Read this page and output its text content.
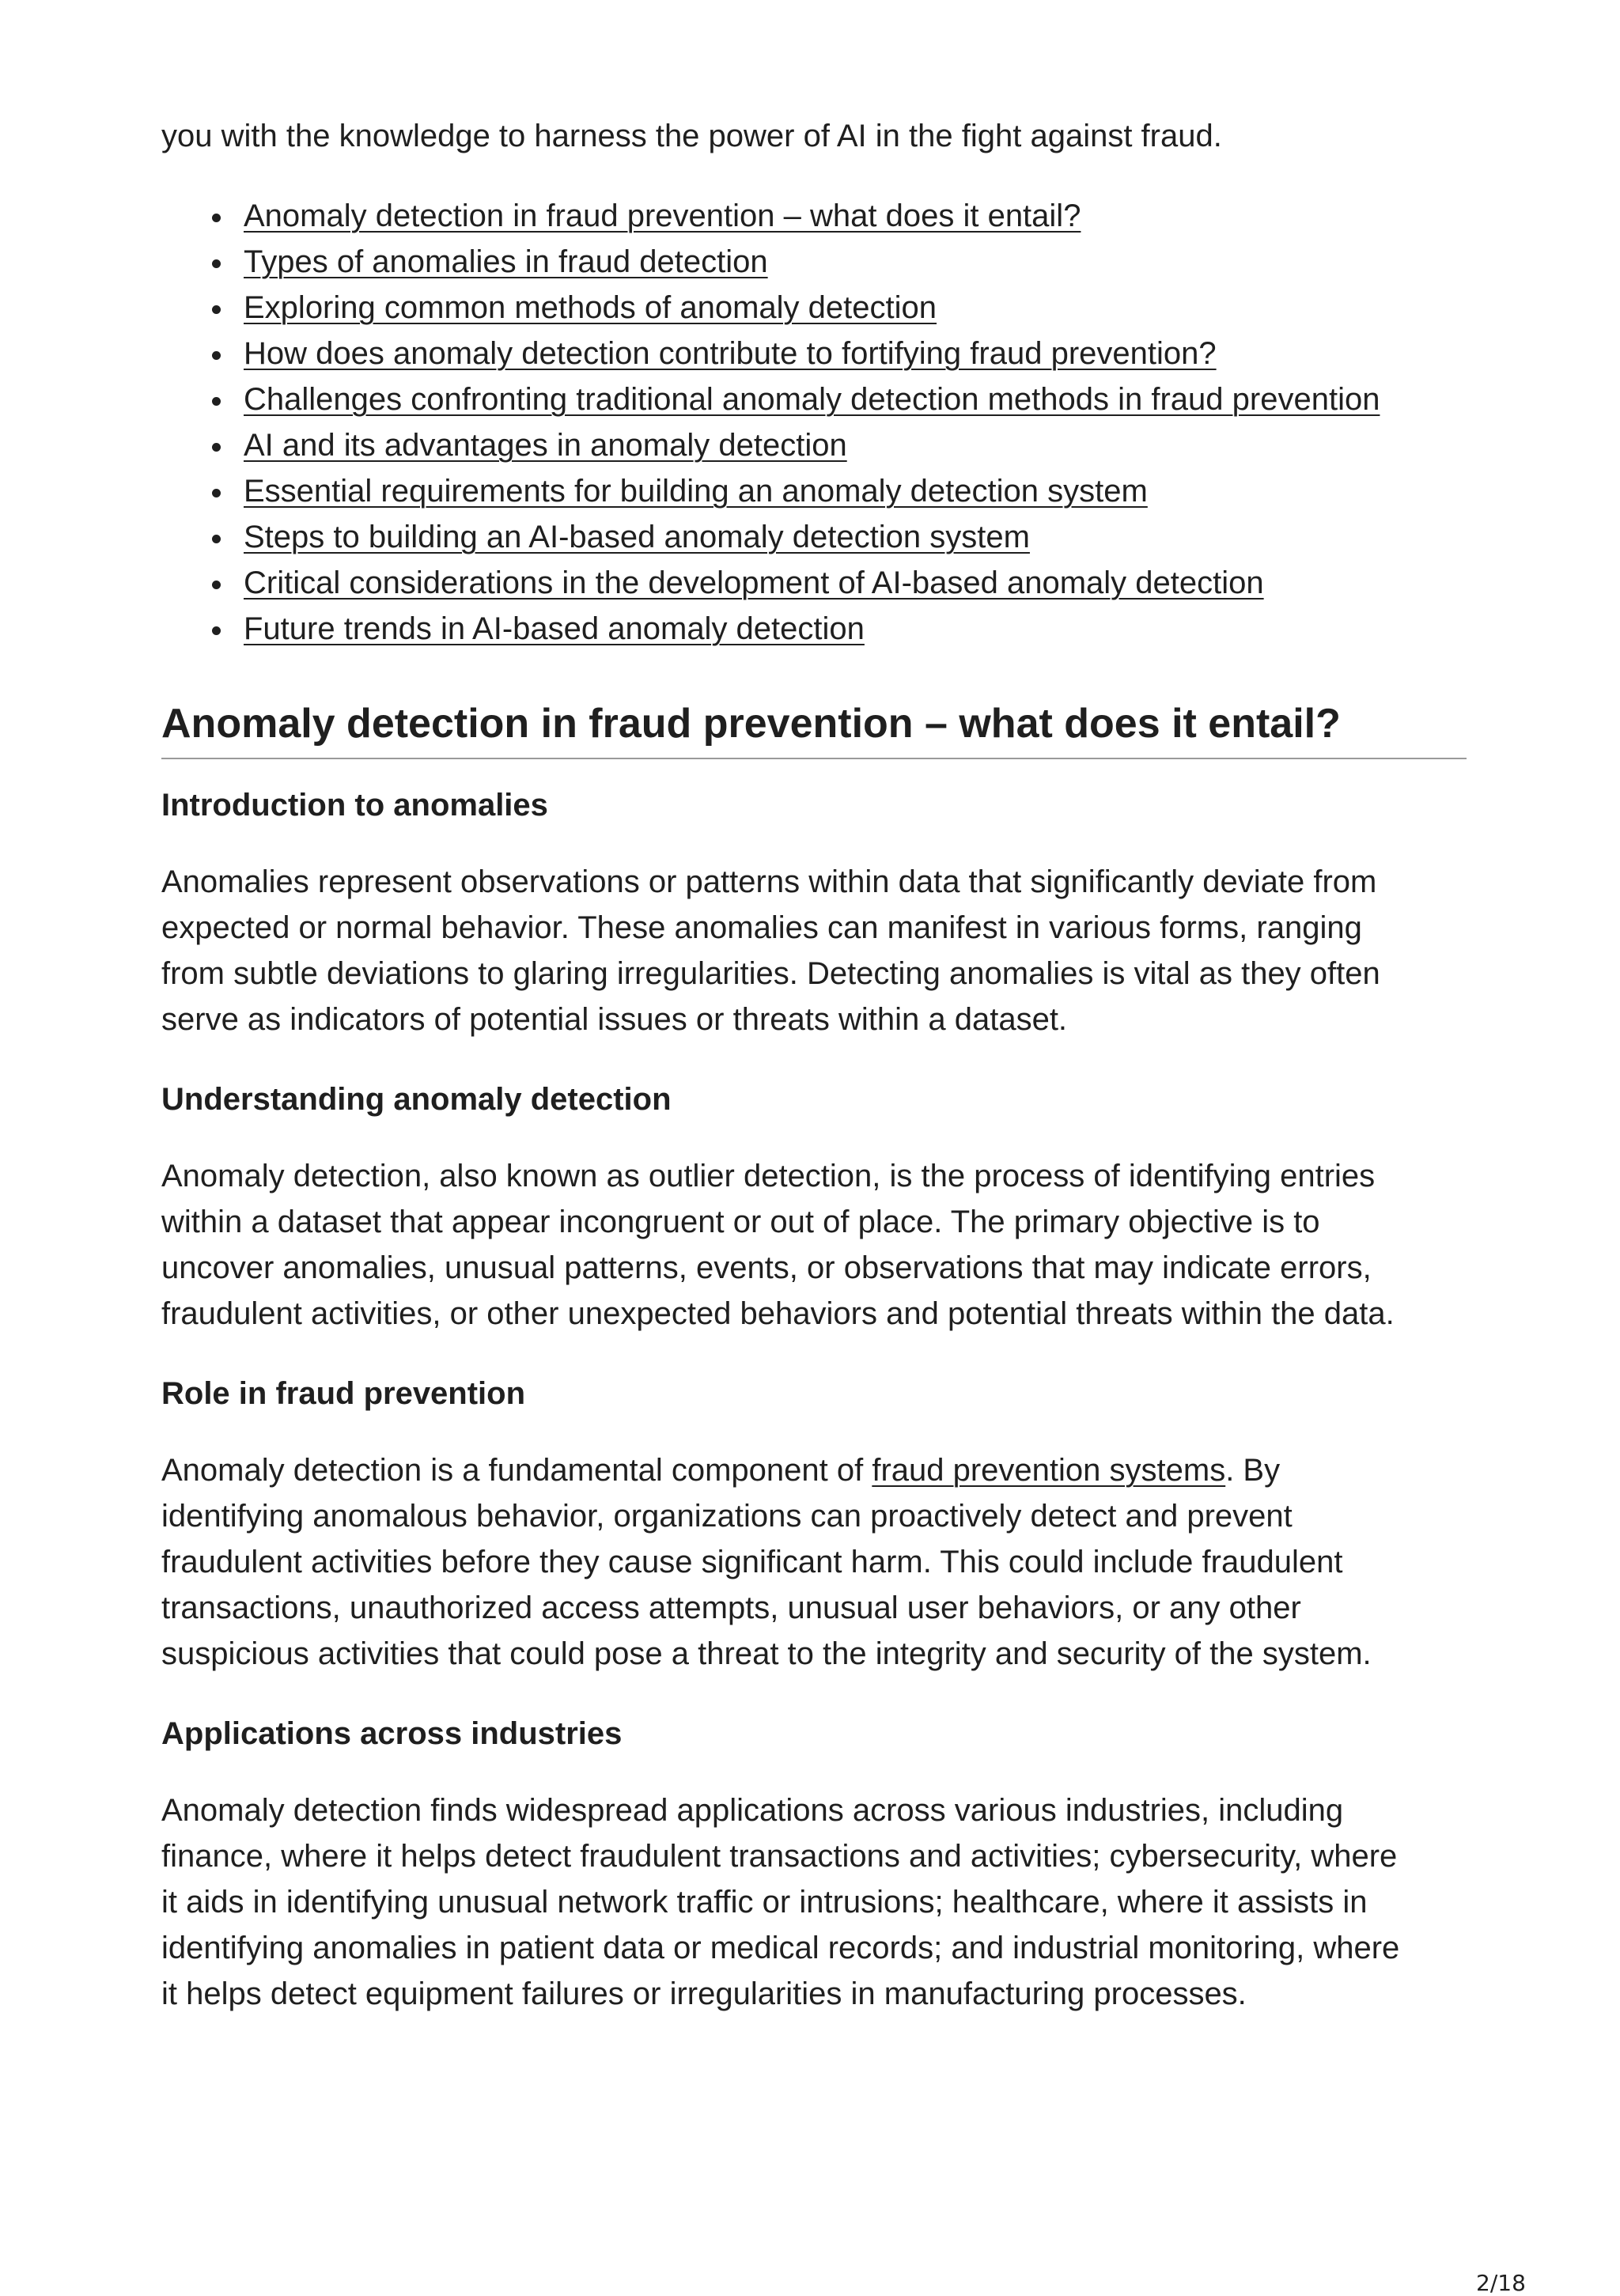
you with the knowledge to harness the power of AI in the fight against fraud.

Anomaly detection in fraud prevention – what does it entail?
Types of anomalies in fraud detection
Exploring common methods of anomaly detection
How does anomaly detection contribute to fortifying fraud prevention?
Challenges confronting traditional anomaly detection methods in fraud prevention
AI and its advantages in anomaly detection
Essential requirements for building an anomaly detection system
Steps to building an AI-based anomaly detection system
Critical considerations in the development of AI-based anomaly detection
Future trends in AI-based anomaly detection
Anomaly detection in fraud prevention – what does it entail?
Introduction to anomalies
Anomalies represent observations or patterns within data that significantly deviate from
expected or normal behavior. These anomalies can manifest in various forms, ranging
from subtle deviations to glaring irregularities. Detecting anomalies is vital as they often
serve as indicators of potential issues or threats within a dataset.
Understanding anomaly detection
Anomaly detection, also known as outlier detection, is the process of identifying entries
within a dataset that appear incongruent or out of place. The primary objective is to
uncover anomalies, unusual patterns, events, or observations that may indicate errors,
fraudulent activities, or other unexpected behaviors and potential threats within the data.
Role in fraud prevention
Anomaly detection is a fundamental component of fraud prevention systems. By
identifying anomalous behavior, organizations can proactively detect and prevent
fraudulent activities before they cause significant harm. This could include fraudulent
transactions, unauthorized access attempts, unusual user behaviors, or any other
suspicious activities that could pose a threat to the integrity and security of the system.
Applications across industries
Anomaly detection finds widespread applications across various industries, including
finance, where it helps detect fraudulent transactions and activities; cybersecurity, where
it aids in identifying unusual network traffic or intrusions; healthcare, where it assists in
identifying anomalies in patient data or medical records; and industrial monitoring, where
it helps detect equipment failures or irregularities in manufacturing processes.
2/18
